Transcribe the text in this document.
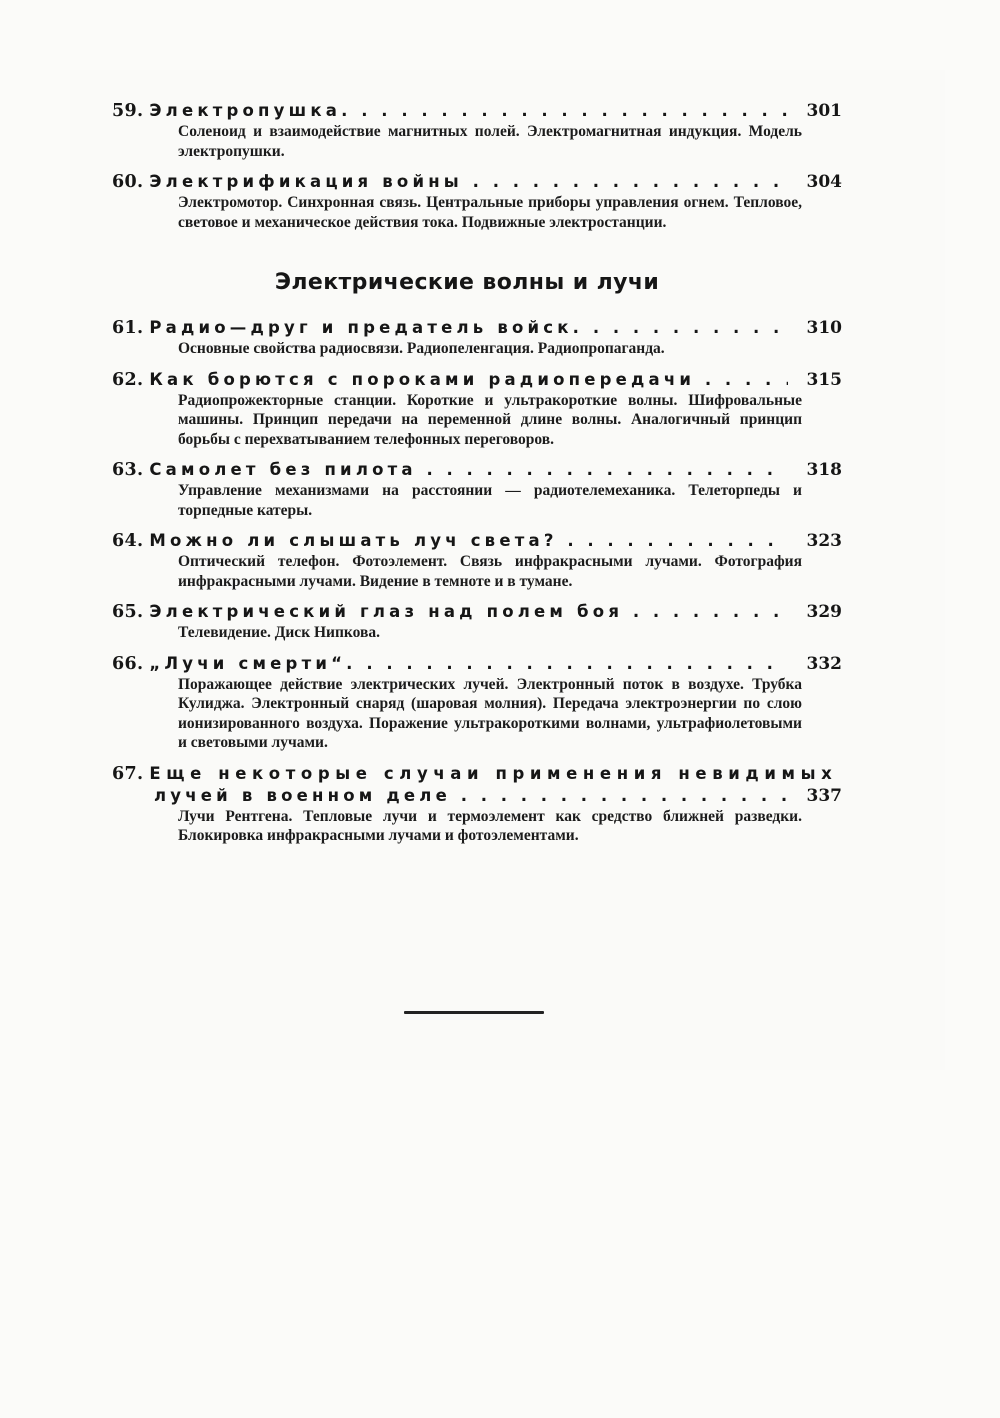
59. Электропушка. . . .	301
Соленоид и взаимодействие магнитных полей. Электромагнитная индукция. Модель электропушки.
60. Электрификация войны . . .	304
Электромотор. Синхронная связь. Центральные приборы управления огнем. Тепловое, световое и механическое действия тока. Подвижные электростанции.
Электрические волны и лучи
61. Радио—друг и предатель войск. . . .	310
Основные свойства радиосвязи. Радиопеленгация. Радиопропаганда.
62. Как борются с пороками радиопередачи . . .	315
Радиопрожекторные станции. Короткие и ультракороткие волны. Шифровальные машины. Принцип передачи на переменной длине волны. Аналогичный принцип борьбы с перехватыванием телефонных переговоров.
63. Самолет без пилота . . .	318
Управление механизмами на расстоянии — радиотелемеханика. Телеторпеды и торпедные катеры.
64. Можно ли слышать луч света? . . .	323
Оптический телефон. Фотоэлемент. Связь инфракрасными лучами. Фотография инфракрасными лучами. Видение в темноте и в тумане.
65. Электрический глаз над полем боя . . .	329
Телевидение. Диск Нипкова.
66. „Лучи смерти“. . . .	332
Поражающее действие электрических лучей. Электронный поток в воздухе. Трубка Кулиджа. Электронный снаряд (шаровая молния). Передача электроэнергии по слою ионизированного воздуха. Поражение ультракороткими волнами, ультрафиолетовыми и световыми лучами.
67. Еще некоторые случаи применения невидимых
лучей в военном деле . . .	337
Лучи Рентгена. Тепловые лучи и термоэлемент как средство ближней разведки. Блокировка инфракрасными лучами и фотоэлементами.
